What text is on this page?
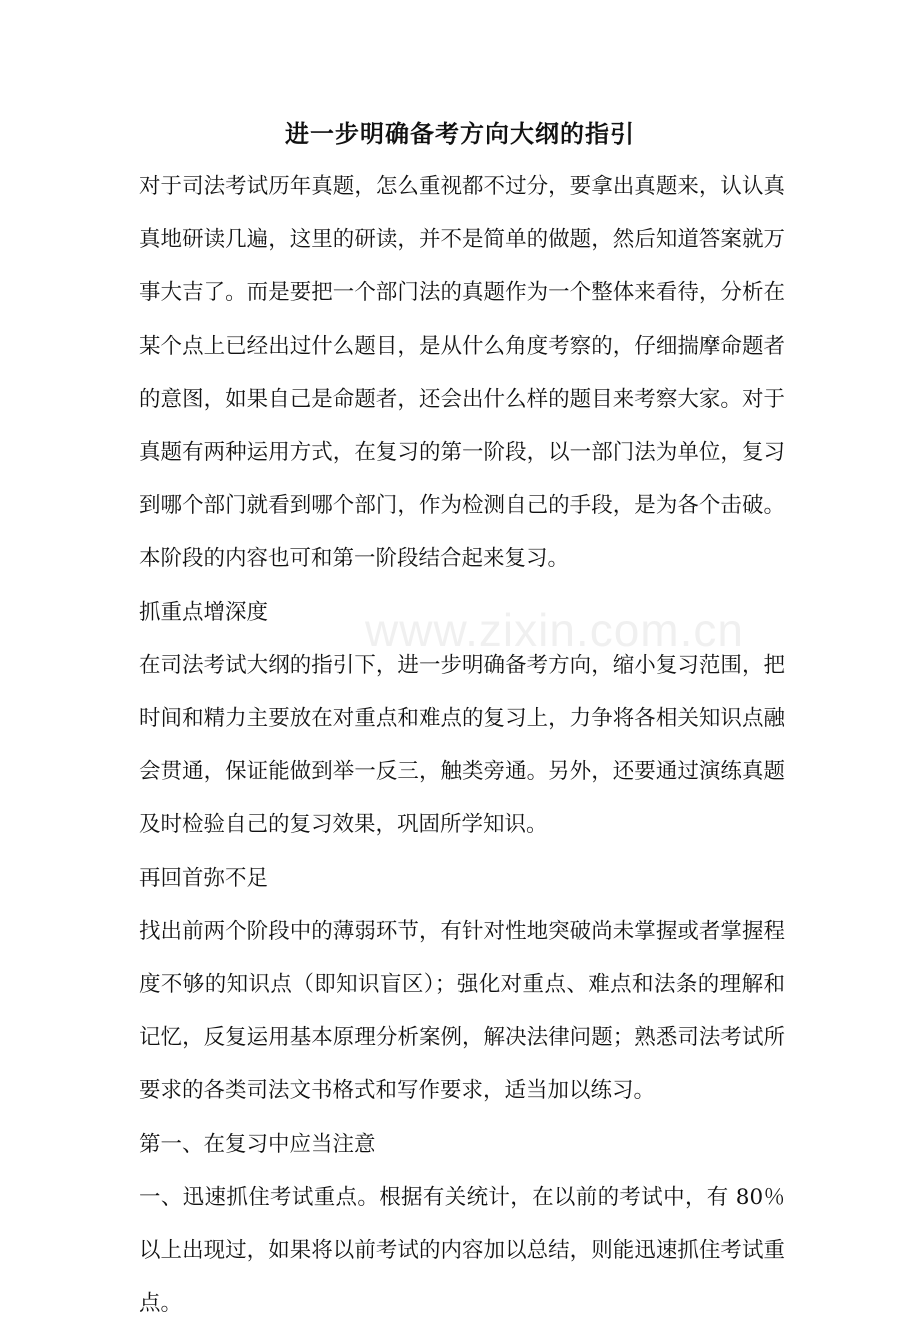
进一步明确备考方向大纲的指引

对于司法考试历年真题，怎么重视都不过分，要拿出真题来，认认真真地研读几遍，这里的研读，并不是简单的做题，然后知道答案就万事大吉了。而是要把一个部门法的真题作为一个整体来看待，分析在某个点上已经出过什么题目，是从什么角度考察的，仔细揣摩命题者的意图，如果自己是命题者，还会出什么样的题目来考察大家。对于真题有两种运用方式，在复习的第一阶段，以一部门法为单位，复习到哪个部门就看到哪个部门，作为检测自己的手段，是为各个击破。本阶段的内容也可和第一阶段结合起来复习。

抓重点增深度

在司法考试大纲的指引下，进一步明确备考方向，缩小复习范围，把时间和精力主要放在对重点和难点的复习上，力争将各相关知识点融会贯通，保证能做到举一反三，触类旁通。另外，还要通过演练真题及时检验自己的复习效果，巩固所学知识。

再回首弥不足

找出前两个阶段中的薄弱环节，有针对性地突破尚未掌握或者掌握程度不够的知识点（即知识盲区）；强化对重点、难点和法条的理解和记忆，反复运用基本原理分析案例，解决法律问题；熟悉司法考试所要求的各类司法文书格式和写作要求，适当加以练习。

第一、在复习中应当注意

一、迅速抓住考试重点。根据有关统计，在以前的考试中，有 80％以上出现过，如果将以前考试的内容加以总结，则能迅速抓住考试重点。

www.zixin.com.cn
